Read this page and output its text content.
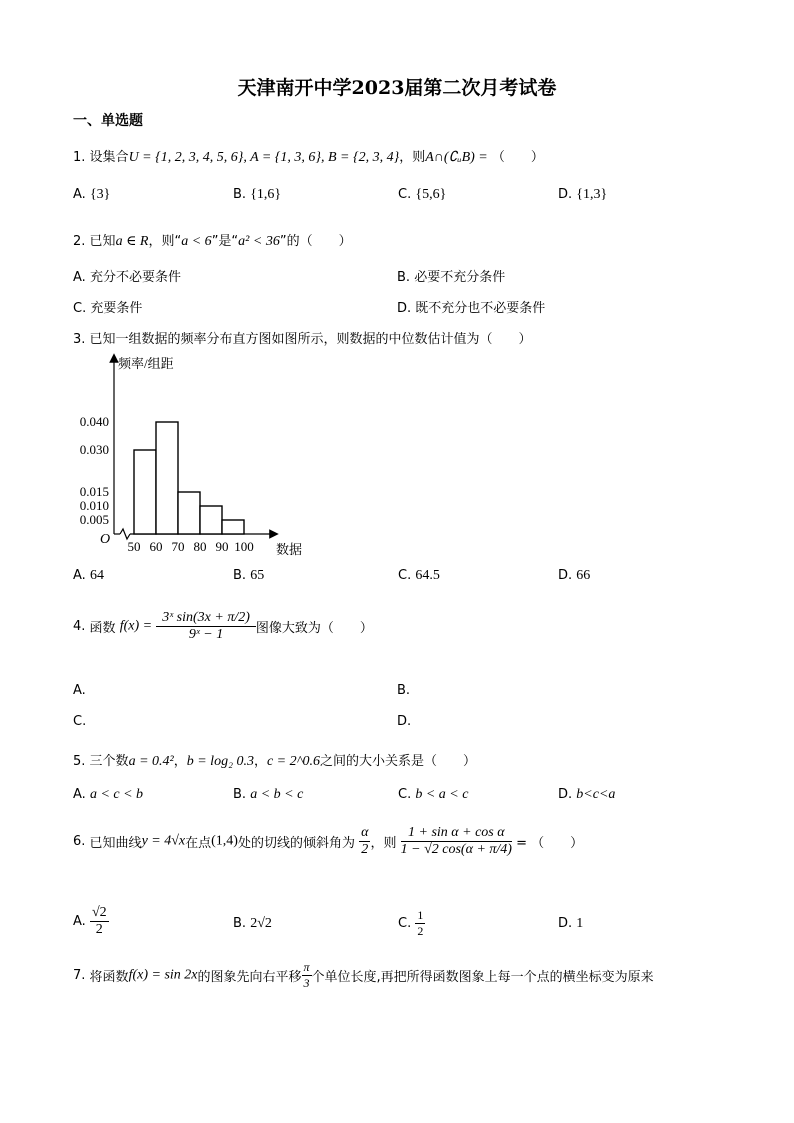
天津南开中学2023届第二次月考试卷
一、单选题
1. 设集合U = {1, 2, 3, 4, 5, 6}, A = {1, 3, 6}, B = {2, 3, 4}，则A∩(∁ᵤB) = （　　）
A. {3}	B. {1,6}	C. {5,6}	D. {1,3}
2. 已知a ∈ R，则“a < 6”是“a² < 36”的（　　）
A. 充分不必要条件	B. 必要不充分条件
C. 充要条件	D. 既不充分也不必要条件
3. 已知一组数据的频率分布直方图如图所示，则数据的中位数估计值为（　　）
0.040
0.030
0.015
0.010
0.005
50 60 70 80 90 100
O
频率/组距
数据
A. 64	B. 65	C. 64.5	D. 66
4. 函数 $f(x) = \frac{\text{3ˣ sin(3x + π/2)}}{\text{9ˣ − 1}}$ 图像大致为（　　）
A.	B.
C.	D.
5. 三个数a = 0.4²，b = log₂ 0.3，c = 2^0.6之间的大小关系是（　　）
A. a < c < b	B. a < b < c	C. b < a < c	D. b<c<a
6. 已知曲线y = 4√x在点(1,4)处的切线的倾斜角为 $\frac{\alpha}{2}$ ，则 $\frac{\text{1 + sin α + cos α}}{1 - √2 \cos(\alpha + \pi/4)}$ = （　　）
A. $\frac{√2}{2}$	B. 2√2	C. $\frac{1}{2}$	D. 1
7. 将函数f(x) = sin 2x的图象先向右平移 $\frac{\pi}{3}$ 个单位长度,再把所得函数图象上每一个点的横坐标变为原来
